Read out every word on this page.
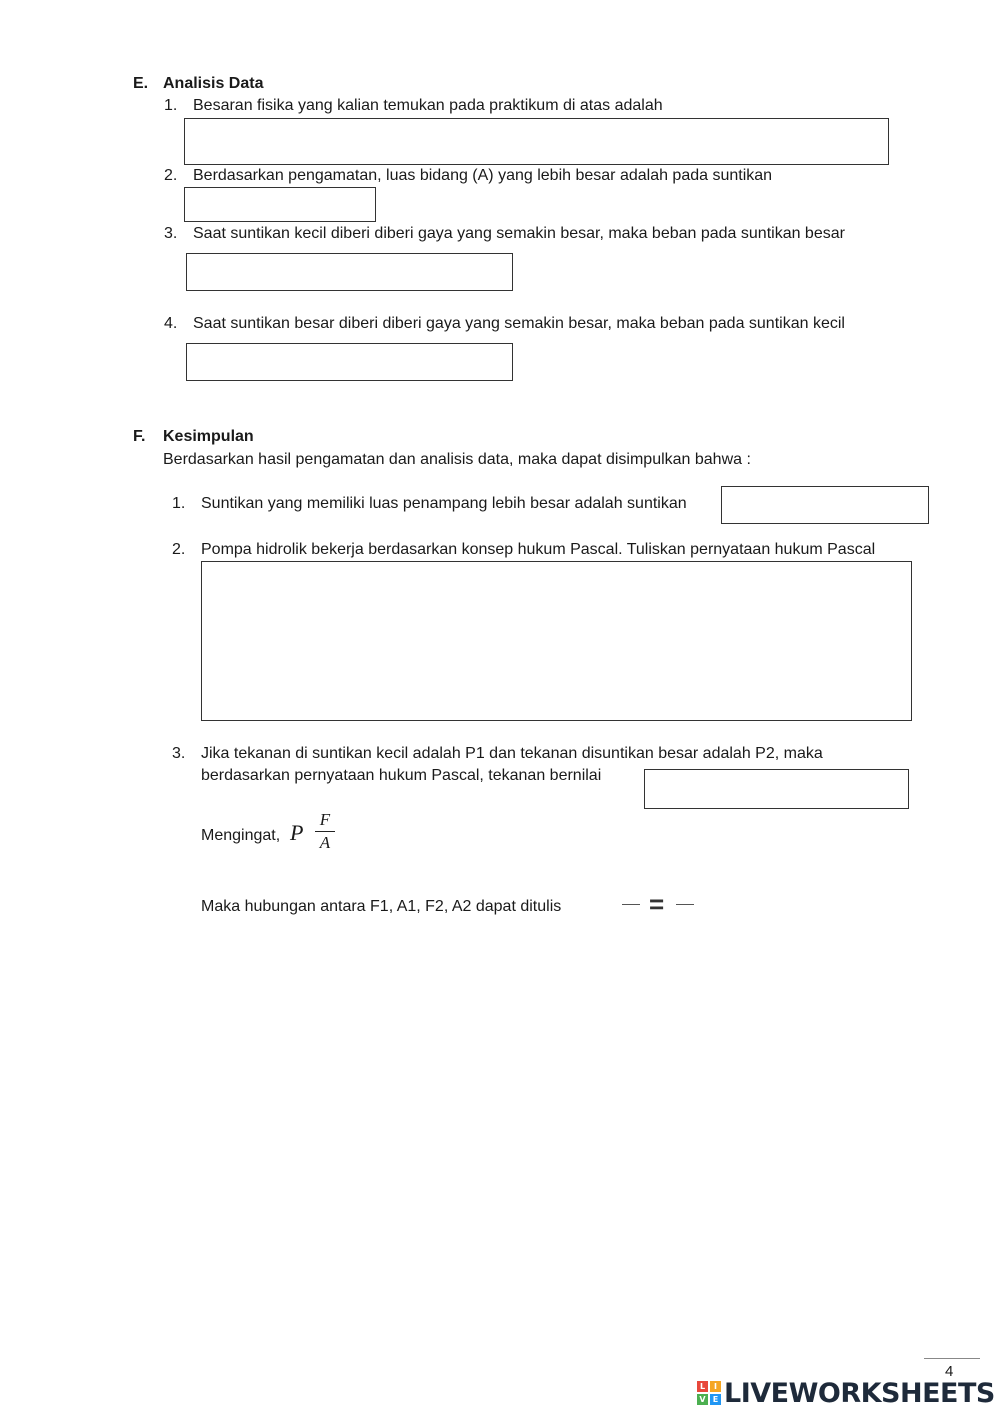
E. Analisis Data
1. Besaran fisika yang kalian temukan pada praktikum di atas adalah
2. Berdasarkan pengamatan, luas bidang (A) yang lebih besar adalah pada suntikan
3. Saat suntikan kecil diberi diberi gaya yang semakin besar, maka beban pada suntikan besar
4. Saat suntikan besar diberi diberi gaya yang semakin besar, maka beban pada suntikan kecil
F. Kesimpulan
Berdasarkan hasil pengamatan dan analisis data, maka dapat disimpulkan bahwa :
1. Suntikan yang memiliki luas penampang lebih besar adalah suntikan
2. Pompa hidrolik bekerja berdasarkan konsep hukum Pascal. Tuliskan pernyataan hukum Pascal
3. Jika tekanan di suntikan kecil adalah P1 dan tekanan disuntikan besar adalah P2, maka
berdasarkan pernyataan hukum Pascal, tekanan bernilai
Mengingat, P
F
A
Maka hubungan antara F1, A1, F2, A2 dapat ditulis	=
4
L	I
V E LIVEWORKSHEETS
